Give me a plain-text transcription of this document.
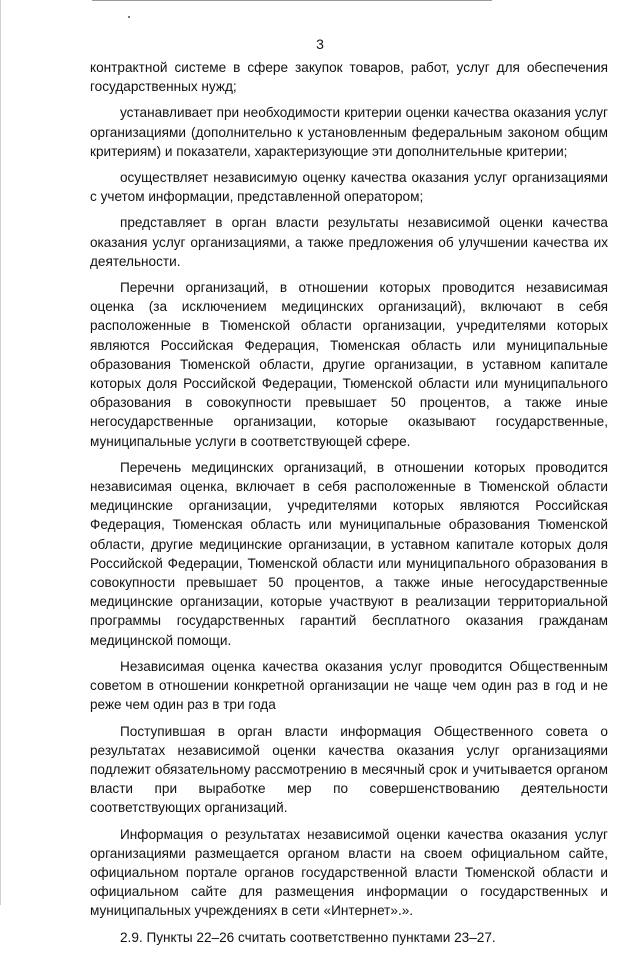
3

контрактной системе в сфере закупок товаров, работ, услуг для обеспечения государственных нужд;

устанавливает при необходимости критерии оценки качества оказания услуг организациями (дополнительно к установленным федеральным законом общим критериям) и показатели, характеризующие эти дополнительные критерии;

осуществляет независимую оценку качества оказания услуг организациями с учетом информации, представленной оператором;

представляет в орган власти результаты независимой оценки качества оказания услуг организациями, а также предложения об улучшении качества их деятельности.

Перечни организаций, в отношении которых проводится независимая оценка (за исключением медицинских организаций), включают в себя расположенные в Тюменской области организации, учредителями которых являются Российская Федерация, Тюменская область или муниципальные образования Тюменской области, другие организации, в уставном капитале которых доля Российской Федерации, Тюменской области или муниципального образования в совокупности превышает 50 процентов, а также иные негосударственные организации, которые оказывают государственные, муниципальные услуги в соответствующей сфере.

Перечень медицинских организаций, в отношении которых проводится независимая оценка, включает в себя расположенные в Тюменской области медицинские организации, учредителями которых являются Российская Федерация, Тюменская область или муниципальные образования Тюменской области, другие медицинские организации, в уставном капитале которых доля Российской Федерации, Тюменской области или муниципального образования в совокупности превышает 50 процентов, а также иные негосударственные медицинские организации, которые участвуют в реализации территориальной программы государственных гарантий бесплатного оказания гражданам медицинской помощи.

Независимая оценка качества оказания услуг проводится Общественным советом в отношении конкретной организации не чаще чем один раз в год и не реже чем один раз в три года

Поступившая в орган власти информация Общественного совета о результатах независимой оценки качества оказания услуг организациями подлежит обязательному рассмотрению в месячный срок и учитывается органом власти при выработке мер по совершенствованию деятельности соответствующих организаций.

Информация о результатах независимой оценки качества оказания услуг организациями размещается органом власти на своем официальном сайте, официальном портале органов государственной власти Тюменской области и официальном сайте для размещения информации о государственных и муниципальных учреждениях в сети «Интернет».».

2.9. Пункты 22–26 считать соответственно пунктами 23–27.
